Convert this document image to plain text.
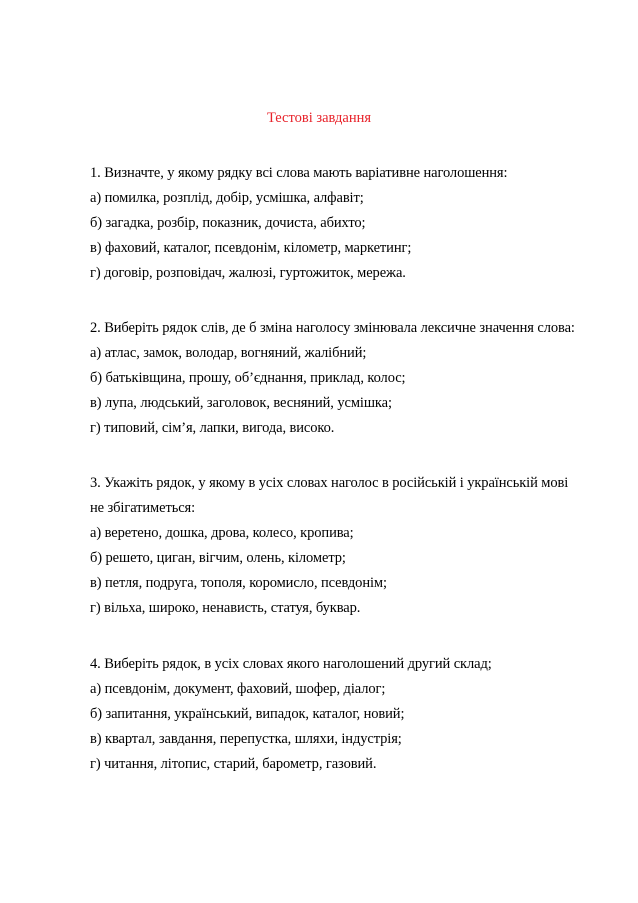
Тестові завдання
1. Визначте, у якому рядку всі слова мають варіативне наголошення:
а) помилка, розплід, добір, усмішка, алфавіт;
б) загадка, розбір, показник, дочиста, абихто;
в) фаховий, каталог, псевдонім, кілометр, маркетинг;
г) договір, розповідач, жалюзі, гуртожиток, мережа.
2. Виберіть рядок слів, де б зміна наголосу змінювала лексичне значення слова:
а) атлас, замок, володар, вогняний, жалібний;
б) батьківщина, прошу, об’єднання, приклад, колос;
в) лупа, людський, заголовок, весняний, усмішка;
г) типовий, сім’я, лапки, вигода, високо.
3. Укажіть рядок, у якому в усіх словах наголос в російській і українській мові
не збігатиметься:
а) веретено, дошка, дрова, колесо, кропива;
б) решето, циган, вігчим, олень, кілометр;
в) петля, подруга, тополя, коромисло, псевдонім;
г) вільха, широко, ненависть, статуя, буквар.
4. Виберіть рядок, в усіх словах якого наголошений другий склад;
а) псевдонім, документ, фаховий, шофер, діалог;
б) запитання, український, випадок, каталог, новий;
в) квартал, завдання, перепустка, шляхи, індустрія;
г) читання, літопис, старий, барометр, газовий.
